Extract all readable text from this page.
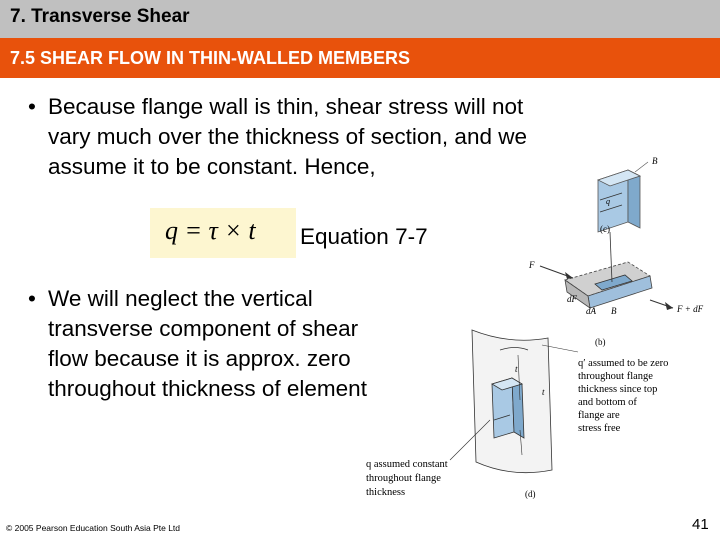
7. Transverse Shear
7.5 SHEAR FLOW IN THIN-WALLED MEMBERS
• Because flange wall is thin, shear stress will not
vary much over the thickness of section, and we
assume it to be constant. Hence,
q = τ × t	Equation 7-7
• We will neglect the vertical
transverse component of shear
flow because it is approx. zero
throughout thickness of element
B
q
(c)
F
dF
dA B	F + dF
(b)
t
t
q′ assumed to be zero
throughout flange
thickness since top
and bottom of
flange are
stress free
q assumed constant
throughout flange
thickness	(d)
© 2005 Pearson Education South Asia Pte Ltd	41
